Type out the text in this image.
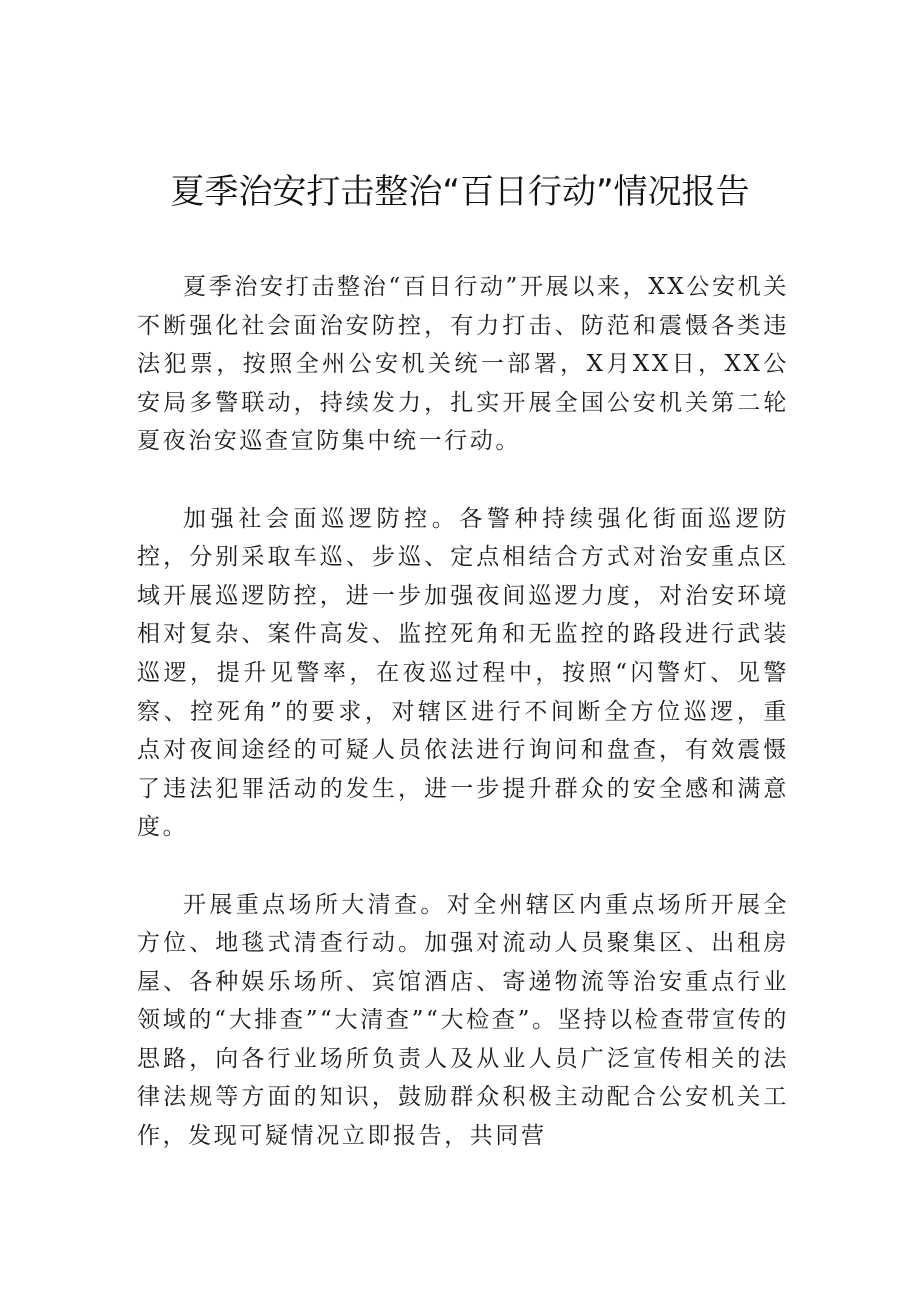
夏季治安打击整治“百日行动”情况报告

夏季治安打击整治“百日行动”开展以来，XX公安机关不断强化社会面治安防控，有力打击、防范和震慑各类违法犯票，按照全州公安机关统一部署，X月XX日，XX公安局多警联动，持续发力，扎实开展全国公安机关第二轮夏夜治安巡查宣防集中统一行动。

加强社会面巡逻防控。各警种持续强化街面巡逻防控，分别采取车巡、步巡、定点相结合方式对治安重点区域开展巡逻防控，进一步加强夜间巡逻力度，对治安环境相对复杂、案件高发、监控死角和无监控的路段进行武装巡逻，提升见警率，在夜巡过程中，按照“闪警灯、见警察、控死角”的要求，对辖区进行不间断全方位巡逻，重点对夜间途经的可疑人员依法进行询问和盘查，有效震慑了违法犯罪活动的发生，进一步提升群众的安全感和满意度。

开展重点场所大清查。对全州辖区内重点场所开展全方位、地毯式清查行动。加强对流动人员聚集区、出租房屋、各种娱乐场所、宾馆酒店、寄递物流等治安重点行业领域的“大排查”“大清查”“大检查”。坚持以检查带宣传的思路，向各行业场所负责人及从业人员广泛宣传相关的法律法规等方面的知识，鼓励群众积极主动配合公安机关工作，发现可疑情况立即报告，共同营
